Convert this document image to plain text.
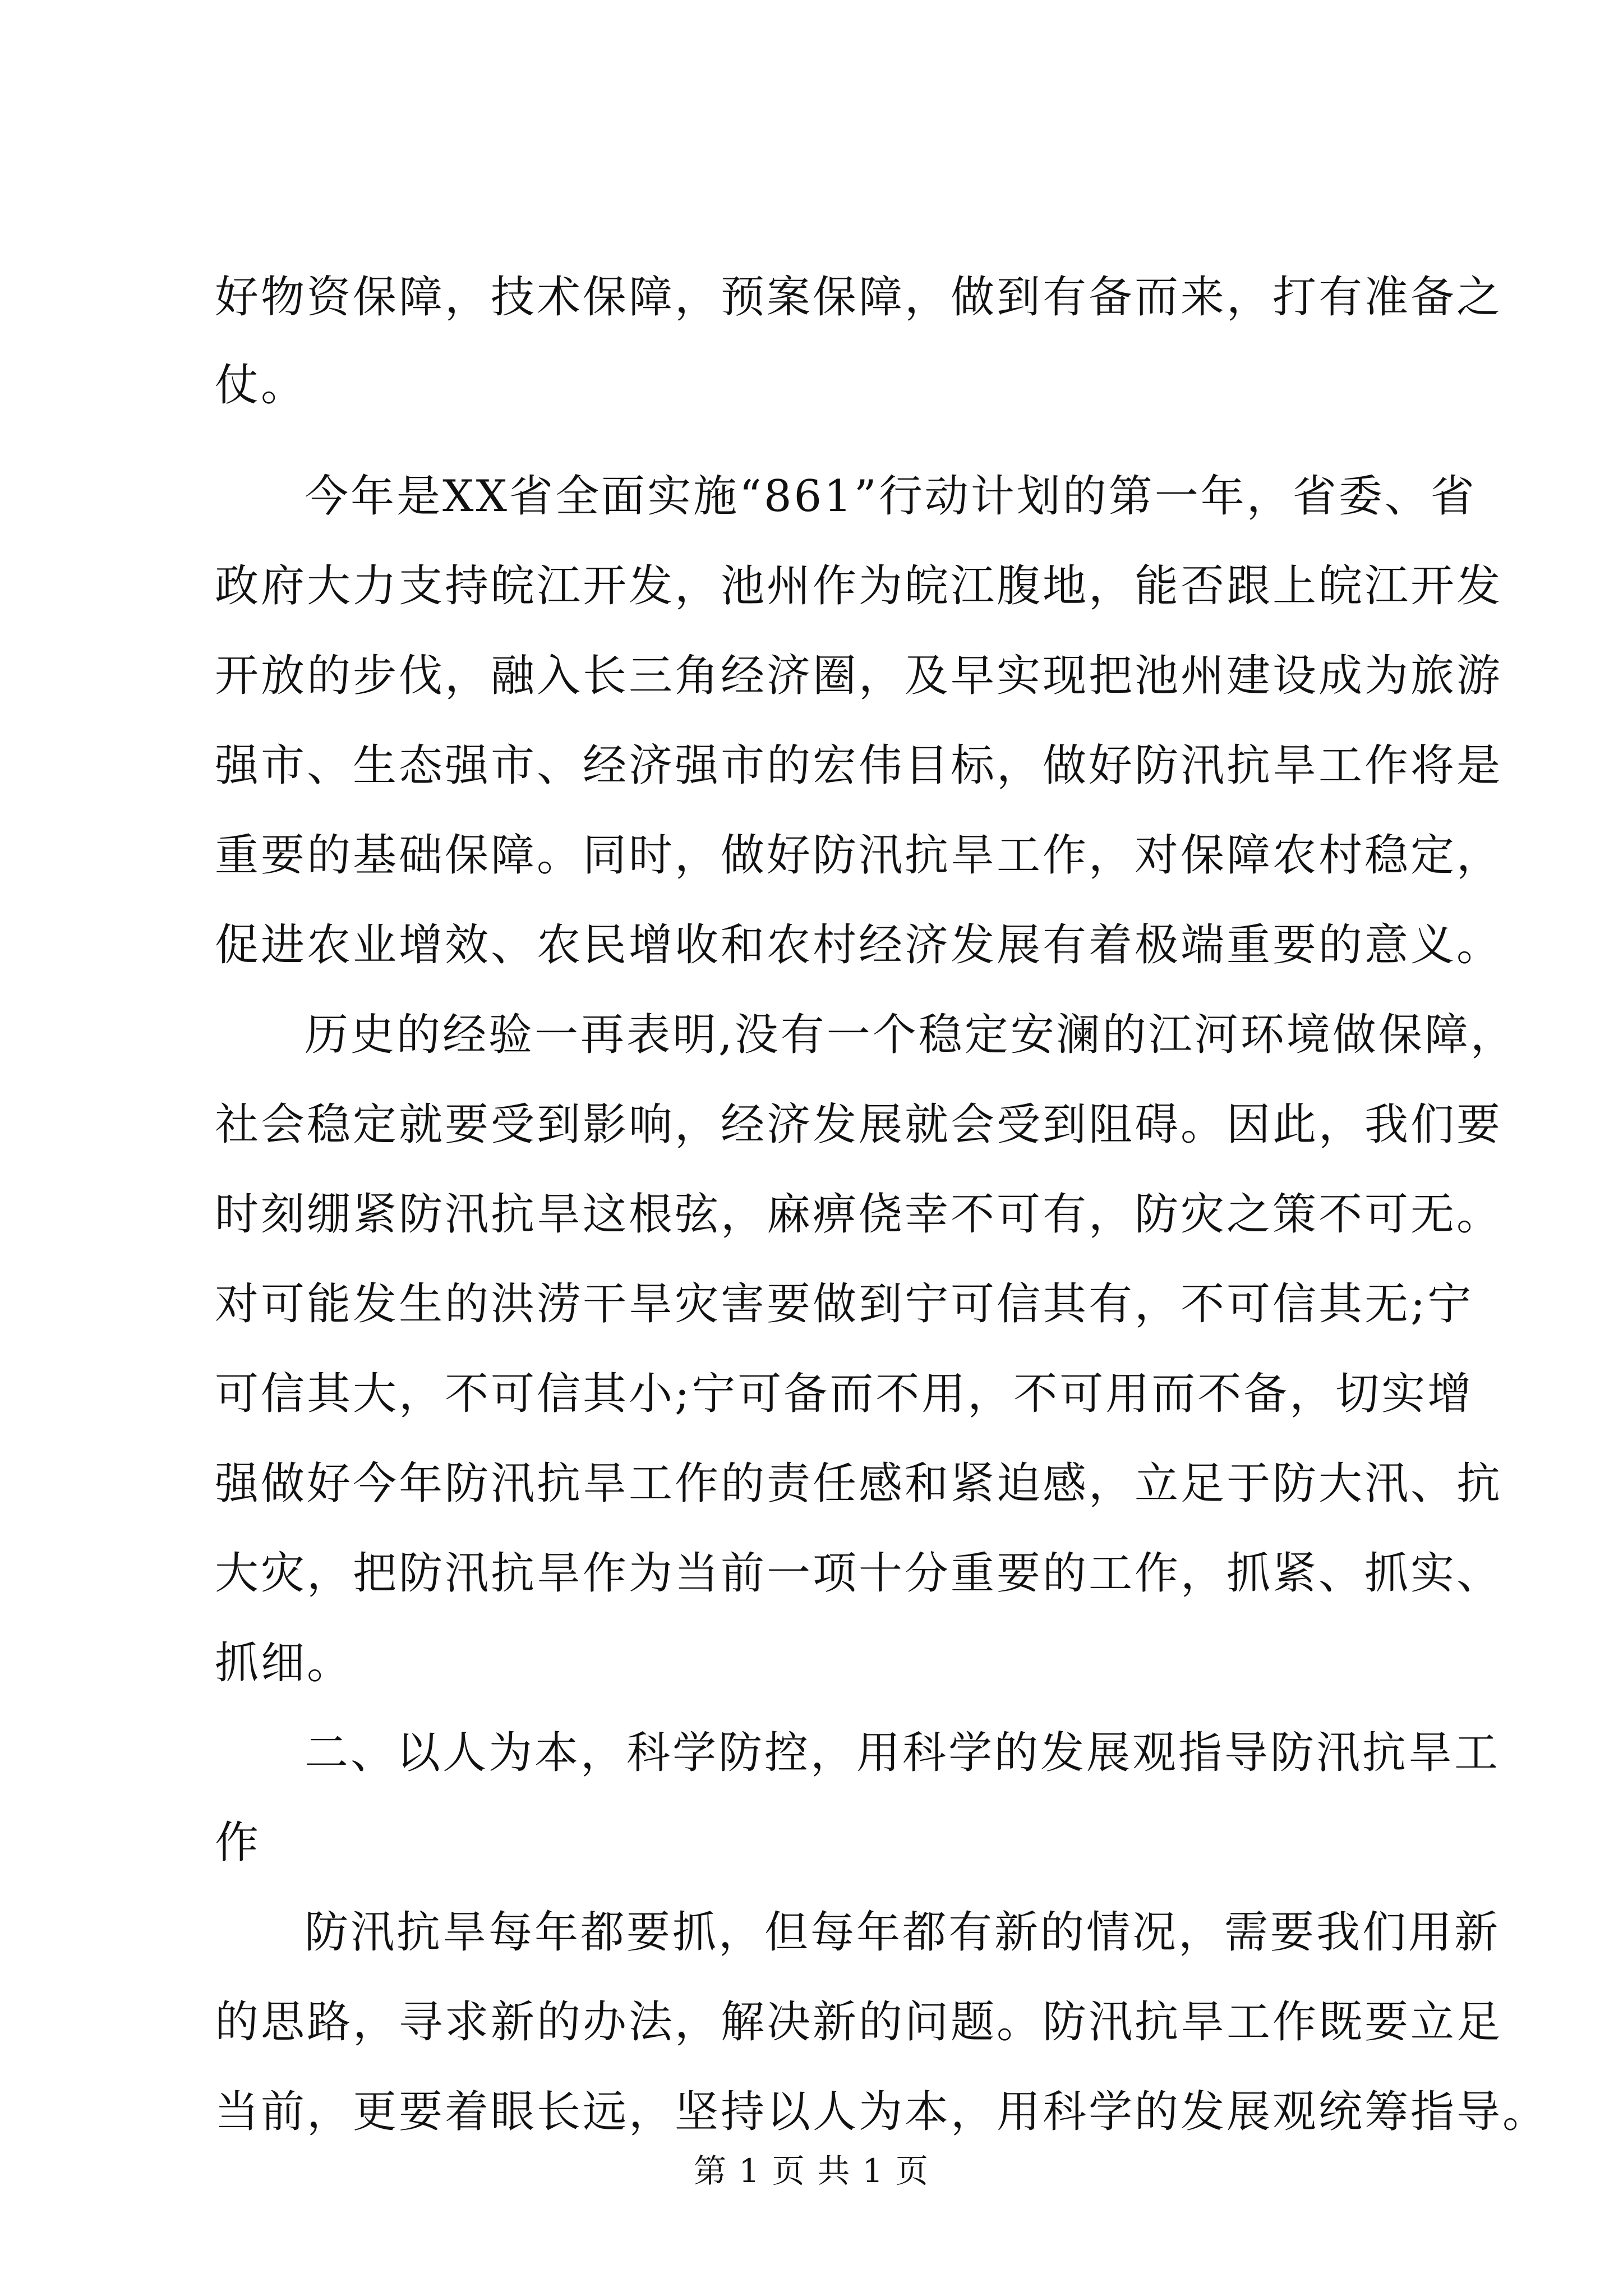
好物资保障，技术保障，预案保障，做到有备而来，打有准备之
仗。
今年是XX省全面实施“861”行动计划的第一年，省委、省
政府大力支持皖江开发，池州作为皖江腹地，能否跟上皖江开发
开放的步伐，融入长三角经济圈，及早实现把池州建设成为旅游
强市、生态强市、经济强市的宏伟目标，做好防汛抗旱工作将是
重要的基础保障。同时，做好防汛抗旱工作，对保障农村稳定，
促进农业增效、农民增收和农村经济发展有着极端重要的意义。
历史的经验一再表明,没有一个稳定安澜的江河环境做保障，
社会稳定就要受到影响，经济发展就会受到阻碍。因此，我们要
时刻绷紧防汛抗旱这根弦，麻痹侥幸不可有，防灾之策不可无。
对可能发生的洪涝干旱灾害要做到宁可信其有，不可信其无;宁
可信其大，不可信其小;宁可备而不用，不可用而不备，切实增
强做好今年防汛抗旱工作的责任感和紧迫感，立足于防大汛、抗
大灾，把防汛抗旱作为当前一项十分重要的工作，抓紧、抓实、
抓细。
二、以人为本，科学防控，用科学的发展观指导防汛抗旱工
作
防汛抗旱每年都要抓，但每年都有新的情况，需要我们用新
的思路，寻求新的办法，解决新的问题。防汛抗旱工作既要立足
当前，更要着眼长远，坚持以人为本，用科学的发展观统筹指导。
第 1 页 共 1 页
